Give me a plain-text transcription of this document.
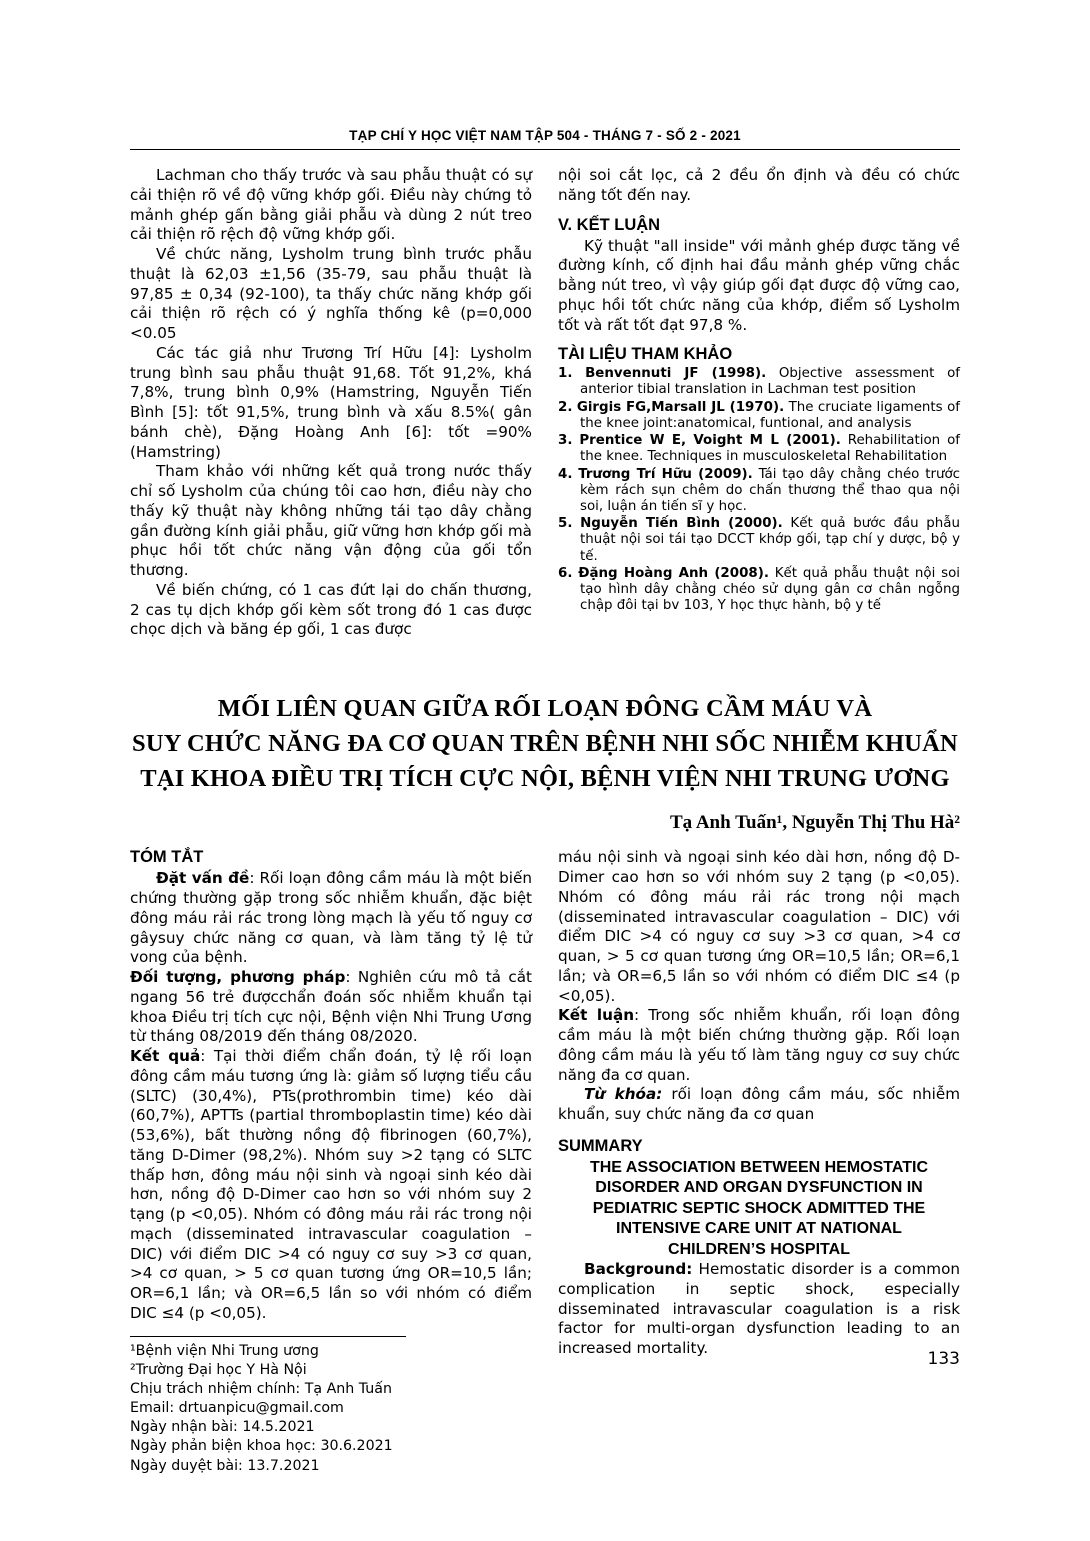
TẠP CHÍ Y HỌC VIỆT NAM TẬP 504 - THÁNG 7 - SỐ 2 - 2021

Lachman cho thấy trước và sau phẫu thuật có sự cải thiện rõ về độ vững khớp gối. Điều này chứng tỏ mảnh ghép gấn bằng giải phẫu và dùng 2 nút treo cải thiện rõ rệch độ vững khớp gối.

Về chức năng, Lysholm trung bình trước phẫu thuật là 62,03 ±1,56 (35-79, sau phẫu thuật là 97,85 ± 0,34 (92-100), ta thấy chức năng khớp gối cải thiện rõ rệch có ý nghĩa thống kê (p=0,000 <0.05

Các tác giả như Trương Trí Hữu [4]: Lysholm trung bình sau phẫu thuật 91,68. Tốt 91,2%, khá 7,8%, trung bình 0,9% (Hamstring, Nguyễn Tiến Bình [5]: tốt 91,5%, trung bình và xấu 8.5%( gân bánh chè), Đặng Hoàng Anh [6]: tốt =90% (Hamstring)

Tham khảo với những kết quả trong nước thấy chỉ số Lysholm của chúng tôi cao hơn, điều này cho thấy kỹ thuật này không những tái tạo dây chằng gần đường kính giải phẫu, giữ vững hơn khớp gối mà phục hồi tốt chức năng vận động của gối tổn thương.

Về biến chứng, có 1 cas đứt lại do chấn thương, 2 cas tụ dịch khớp gối kèm sốt trong đó 1 cas được chọc dịch và băng ép gối, 1 cas được

nội soi cắt lọc, cả 2 đều ổn định và đều có chức năng tốt đến nay.

V. KẾT LUẬN

Kỹ thuật "all inside" với mảnh ghép được tăng về đường kính, cố định hai đầu mảnh ghép vững chắc bằng nút treo, vì vậy giúp gối đạt được độ vững cao, phục hồi tốt chức năng của khớp, điểm số Lysholm tốt và rất tốt đạt 97,8 %.

TÀI LIỆU THAM KHẢO
1. Benvennuti JF (1998). Objective assessment of anterior tibial translation in Lachman test position
2. Girgis FG,Marsall JL (1970). The cruciate ligaments of the knee joint:anatomical, funtional, and analysis
3. Prentice W E, Voight M L (2001). Rehabilitation of the knee. Techniques in musculoskeletal Rehabilitation
4. Trương Trí Hữu (2009). Tái tạo dây chằng chéo trước kèm rách sụn chêm do chấn thương thể thao qua nội soi, luận án tiến sĩ y học.
5. Nguyễn Tiến Bình (2000). Kết quả bước đầu phẫu thuật nội soi tái tạo DCCT khớp gối, tạp chí y dược, bộ y tế.
6. Đặng Hoàng Anh (2008). Kết quả phẫu thuật nội soi tạo hình dây chằng chéo sử dụng gân cơ chân ngỗng chập đôi tại bv 103, Y học thực hành, bộ y tế
MỐI LIÊN QUAN GIỮA RỐI LOẠN ĐÔNG CẦM MÁU VÀ
SUY CHỨC NĂNG ĐA CƠ QUAN TRÊN BỆNH NHI SỐC NHIỄM KHUẨN
TẠI KHOA ĐIỀU TRỊ TÍCH CỰC NỘI, BỆNH VIỆN NHI TRUNG ƯƠNG
Tạ Anh Tuấn¹, Nguyễn Thị Thu Hà²
TÓM TẮT

Đặt vấn đề: Rối loạn đông cầm máu là một biến chứng thường gặp trong sốc nhiễm khuẩn, đặc biệt đông máu rải rác trong lòng mạch là yếu tố nguy cơ gâysuy chức năng cơ quan, và làm tăng tỷ lệ tử vong của bệnh.

Đối tượng, phương pháp: Nghiên cứu mô tả cắt ngang 56 trẻ đượcchẩn đoán sốc nhiễm khuẩn tại khoa Điều trị tích cực nội, Bệnh viện Nhi Trung Ương từ tháng 08/2019 đến tháng 08/2020.

Kết quả: Tại thời điểm chẩn đoán, tỷ lệ rối loạn đông cầm máu tương ứng là: giảm số lượng tiểu cầu (SLTC) (30,4%), PTs(prothrombin time) kéo dài (60,7%), APTTs (partial thromboplastin time) kéo dài (53,6%), bất thường nồng độ fibrinogen (60,7%), tăng D-Dimer (98,2%). Nhóm suy >2 tạng có SLTC thấp hơn, đông máu nội sinh và ngoại sinh kéo dài hơn, nồng độ D-Dimer cao hơn so với nhóm suy 2 tạng (p <0,05). Nhóm có đông máu rải rác trong nội mạch (disseminated intravascular coagulation – DIC) với điểm DIC >4 có nguy cơ suy >3 cơ quan, >4 cơ quan, > 5 cơ quan tương ứng OR=10,5 lần; OR=6,1 lần; và OR=6,5 lần so với nhóm có điểm DIC ≤4 (p <0,05).

¹Bệnh viện Nhi Trung ương

²Trường Đại học Y Hà Nội

Chịu trách nhiệm chính: Tạ Anh Tuấn

Email: drtuanpicu@gmail.com

Ngày nhận bài: 14.5.2021

Ngày phản biện khoa học: 30.6.2021

Ngày duyệt bài: 13.7.2021

máu nội sinh và ngoại sinh kéo dài hơn, nồng độ D-Dimer cao hơn so với nhóm suy 2 tạng (p <0,05). Nhóm có đông máu rải rác trong nội mạch (disseminated intravascular coagulation – DIC) với điểm DIC >4 có nguy cơ suy >3 cơ quan, >4 cơ quan, > 5 cơ quan tương ứng OR=10,5 lần; OR=6,1 lần; và OR=6,5 lần so với nhóm có điểm DIC ≤4 (p <0,05).

Kết luận: Trong sốc nhiễm khuẩn, rối loạn đông cầm máu là một biến chứng thường gặp. Rối loạn đông cầm máu là yếu tố làm tăng nguy cơ suy chức năng đa cơ quan.

Từ khóa: rối loạn đông cầm máu, sốc nhiễm khuẩn, suy chức năng đa cơ quan

SUMMARY
THE ASSOCIATION BETWEEN HEMOSTATIC
DISORDER AND ORGAN DYSFUNCTION IN
PEDIATRIC SEPTIC SHOCK ADMITTED THE
INTENSIVE CARE UNIT AT NATIONAL
CHILDREN’S HOSPITAL

Background: Hemostatic disorder is a common complication in septic shock, especially disseminated intravascular coagulation is a risk factor for multi-organ dysfunction leading to an increased mortality.

133
